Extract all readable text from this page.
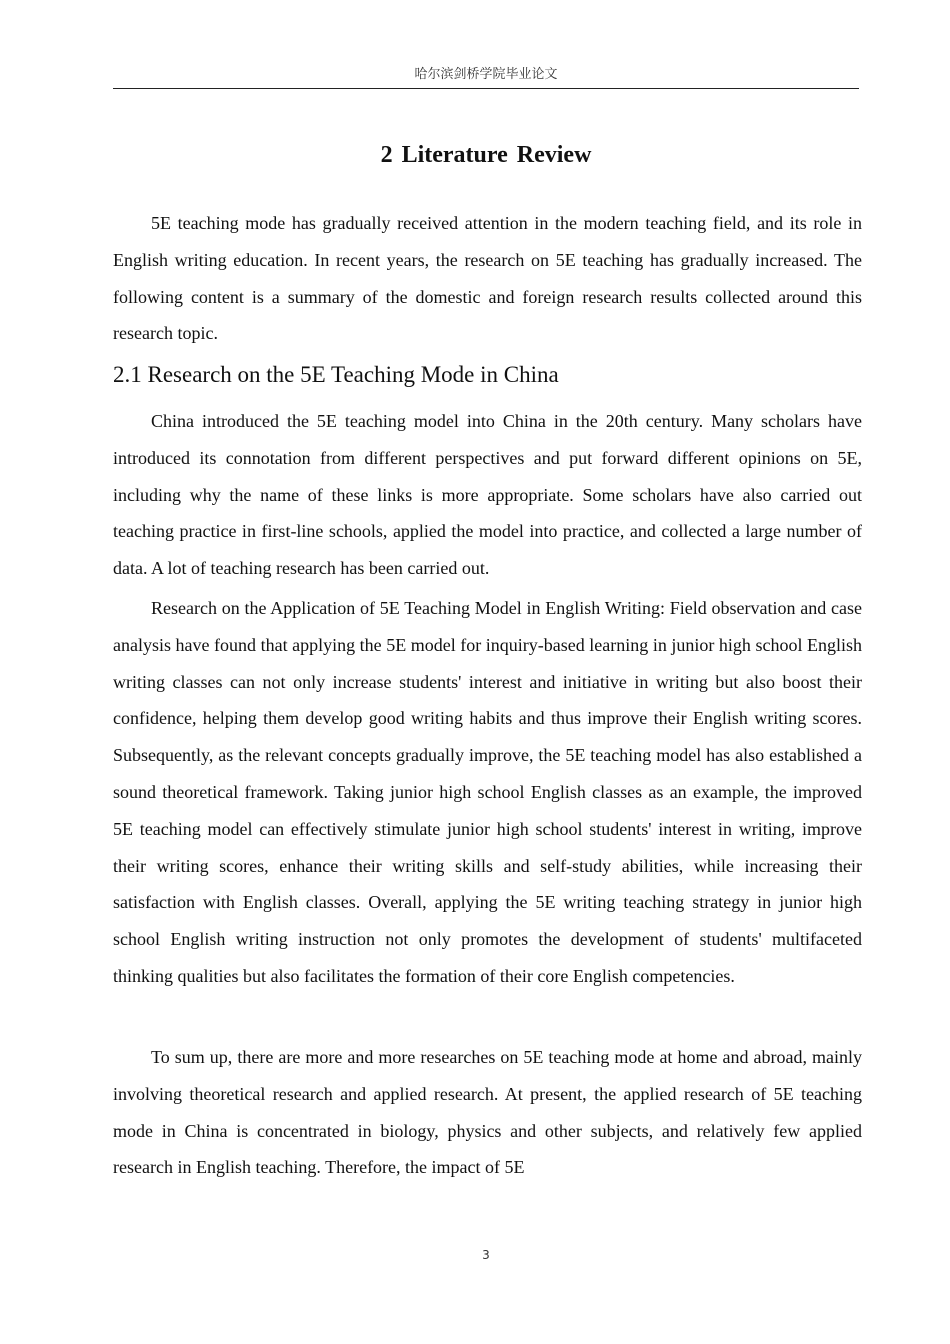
哈尔滨剑桥学院毕业论文
2 Literature Review

5E teaching mode has gradually received attention in the modern teaching field, and its role in English writing education. In recent years, the research on 5E teaching has gradually increased. The following content is a summary of the domestic and foreign research results collected around this research topic.

2.1 Research on the 5E Teaching Mode in China

China introduced the 5E teaching model into China in the 20th century. Many scholars have introduced its connotation from different perspectives and put forward different opinions on 5E, including why the name of these links is more appropriate. Some scholars have also carried out teaching practice in first-line schools, applied the model into practice, and collected a large number of data. A lot of teaching research has been carried out.

Research on the Application of 5E Teaching Model in English Writing: Field observation and case analysis have found that applying the 5E model for inquiry-based learning in junior high school English writing classes can not only increase students' interest and initiative in writing but also boost their confidence, helping them develop good writing habits and thus improve their English writing scores. Subsequently, as the relevant concepts gradually improve, the 5E teaching model has also established a sound theoretical framework. Taking junior high school English classes as an example, the improved 5E teaching model can effectively stimulate junior high school students' interest in writing, improve their writing scores, enhance their writing skills and self-study abilities, while increasing their satisfaction with English classes. Overall, applying the 5E writing teaching strategy in junior high school English writing instruction not only promotes the development of students' multifaceted thinking qualities but also facilitates the formation of their core English competencies.

To sum up, there are more and more researches on 5E teaching mode at home and abroad, mainly involving theoretical research and applied research. At present, the applied research of 5E teaching mode in China is concentrated in biology, physics and other subjects, and relatively few applied research in English teaching. Therefore, the impact of 5E

3
